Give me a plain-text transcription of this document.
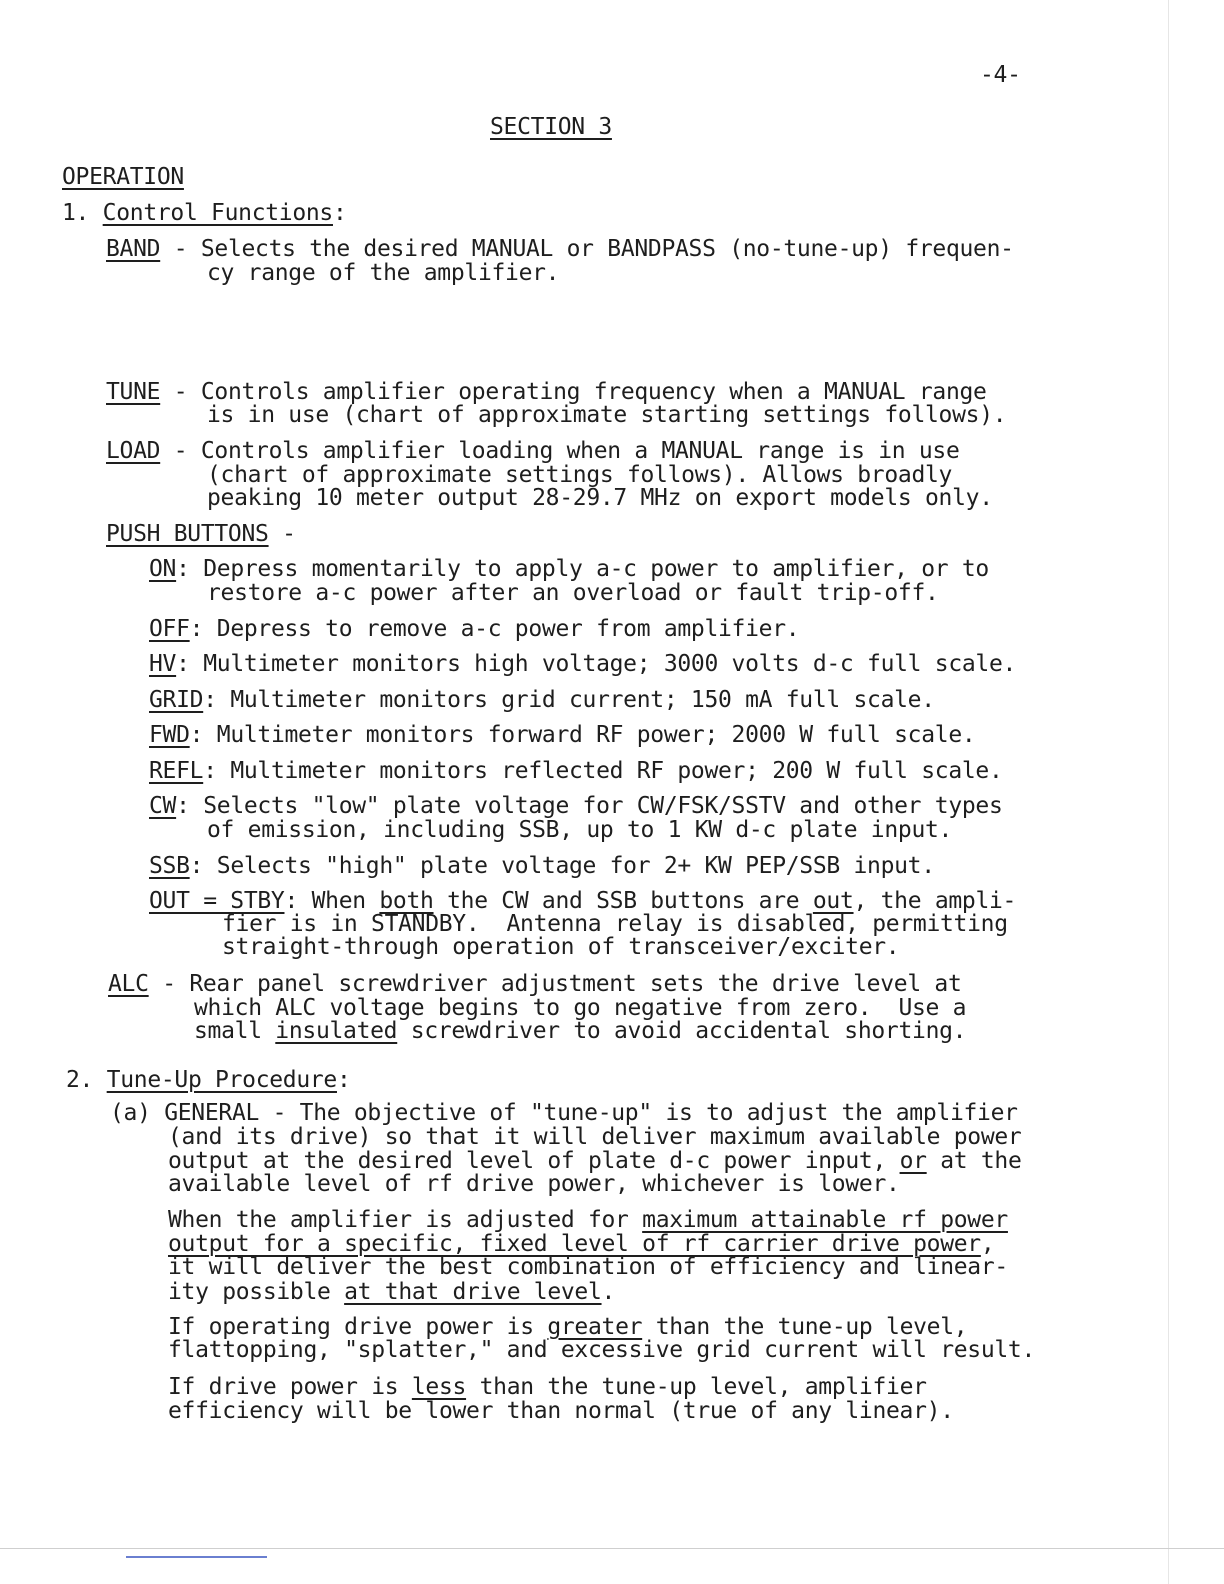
-4-
SECTION 3
OPERATION
1. Control Functions:
BAND - Selects the desired MANUAL or BANDPASS (no-tune-up) frequen-
cy range of the amplifier.
TUNE - Controls amplifier operating frequency when a MANUAL range
is in use (chart of approximate starting settings follows).
LOAD - Controls amplifier loading when a MANUAL range is in use
(chart of approximate settings follows). Allows broadly
peaking 10 meter output 28-29.7 MHz on export models only.
PUSH BUTTONS -
ON: Depress momentarily to apply a-c power to amplifier, or to
restore a-c power after an overload or fault trip-off.
OFF: Depress to remove a-c power from amplifier.
HV: Multimeter monitors high voltage; 3000 volts d-c full scale.
GRID: Multimeter monitors grid current; 150 mA full scale.
FWD: Multimeter monitors forward RF power; 2000 W full scale.
REFL: Multimeter monitors reflected RF power; 200 W full scale.
CW: Selects "low" plate voltage for CW/FSK/SSTV and other types
of emission, including SSB, up to 1 KW d-c plate input.
SSB: Selects "high" plate voltage for 2+ KW PEP/SSB input.
OUT = STBY: When both the CW and SSB buttons are out, the ampli-
fier is in STANDBY.  Antenna relay is disabled, permitting
straight-through operation of transceiver/exciter.
ALC - Rear panel screwdriver adjustment sets the drive level at
which ALC voltage begins to go negative from zero.  Use a
small insulated screwdriver to avoid accidental shorting.
2. Tune-Up Procedure:
(a) GENERAL - The objective of "tune-up" is to adjust the amplifier
(and its drive) so that it will deliver maximum available power
output at the desired level of plate d-c power input, or at the
available level of rf drive power, whichever is lower.
When the amplifier is adjusted for maximum attainable rf power
output for a specific, fixed level of rf carrier drive power,
it will deliver the best combination of efficiency and linear-
ity possible at that drive level.
If operating drive power is greater than the tune-up level,
flattopping, "splatter," and excessive grid current will result.
If drive power is less than the tune-up level, amplifier
efficiency will be lower than normal (true of any linear).
